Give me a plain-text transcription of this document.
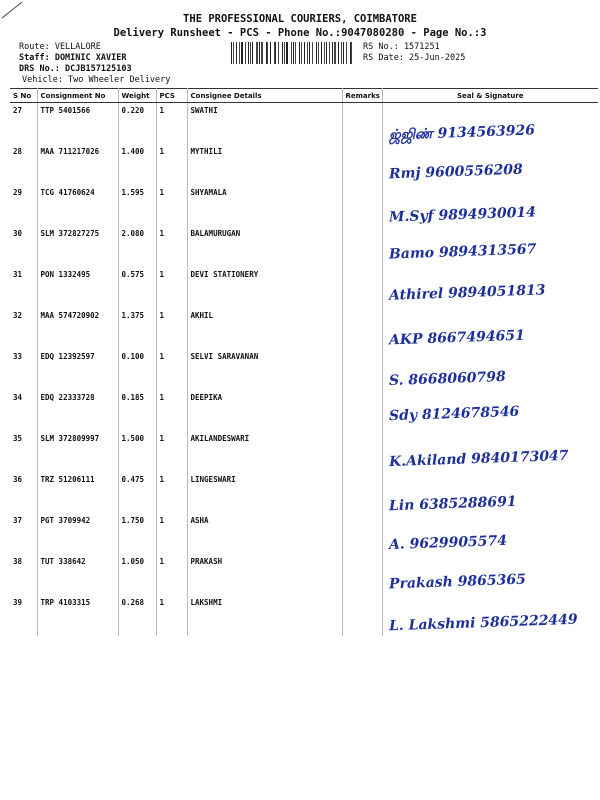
THE PROFESSIONAL COURIERS, COIMBATORE
Delivery Runsheet - PCS - Phone No.:9047080280 - Page No.:3
Route: VELLALORE
Staff: DOMINIC XAVIER
DRS No.: DCJB157125103
Vehicle: Two Wheeler Delivery
RS No.: 1571251
RS Date: 25-Jun-2025
S No	Consignment No	Weight	PCS	Consignee Details	Remarks	Seal & Signature
27	TTP 5401566	0.220	1	SWATHI		ஜ்ஜிண் 9134563926

28	MAA 711217026	1.400	1	MYTHILI		Rmj 9600556208

29	TCG 41760624	1.595	1	SHYAMALA		M.Syf 9894930014

30	SLM 372827275	2.080	1	BALAMURUGAN		Bamo 9894313567

31	PON 1332495	0.575	1	DEVI STATIONERY		Athirel 9894051813

32	MAA 574720902	1.375	1	AKHIL		AKP 8667494651

33	EDQ 12392597	0.100	1	SELVI SARAVANAN		S. 8668060798

34	EDQ 22333728	0.185	1	DEEPIKA		Sdy 8124678546

35	SLM 372809997	1.500	1	AKILANDESWARI		K.Akiland 9840173047

36	TRZ 51206111	0.475	1	LINGESWARI		Lin 6385288691

37	PGT 3709942	1.750	1	ASHA		A. 9629905574

38	TUT 338642	1.050	1	PRAKASH		Prakash 9865365

39	TRP 4103315	0.268	1	LAKSHMI		L. Lakshmi 5865222449
